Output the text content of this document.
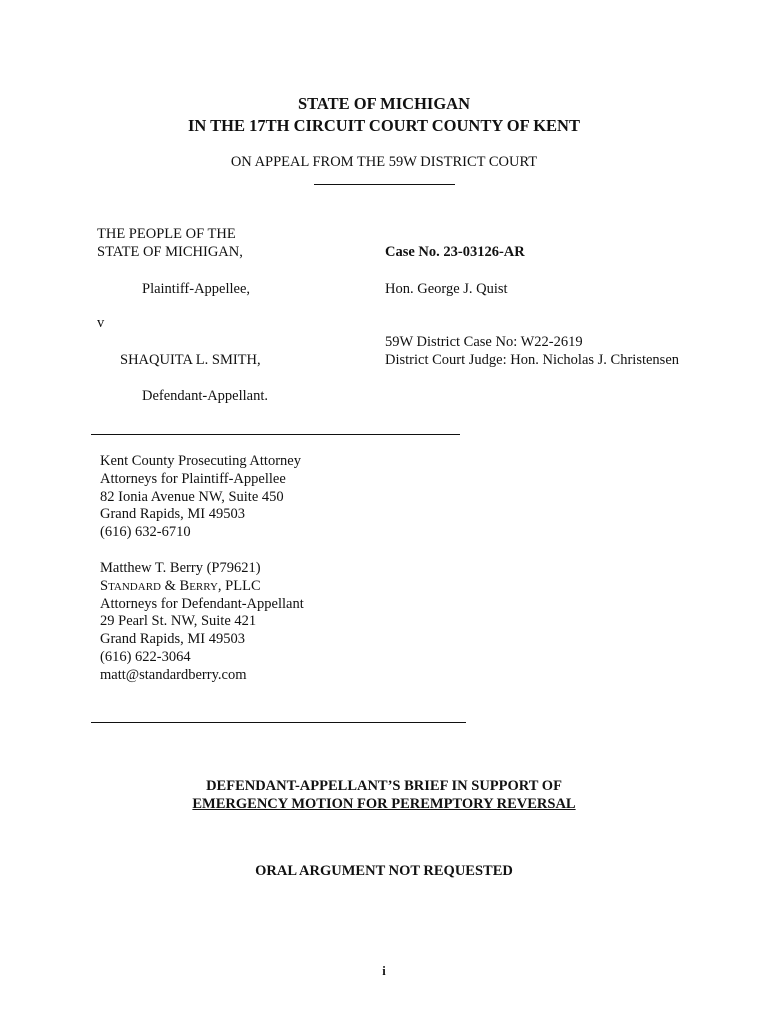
STATE OF MICHIGAN
IN THE 17TH CIRCUIT COURT COUNTY OF KENT
ON APPEAL FROM THE 59W DISTRICT COURT
THE PEOPLE OF THE
STATE OF MICHIGAN,
Plaintiff-Appellee,
v
SHAQUITA L. SMITH,
Defendant-Appellant.
Case No. 23-03126-AR
Hon. George J. Quist
59W District Case No: W22-2619
District Court Judge: Hon. Nicholas J. Christensen
Kent County Prosecuting Attorney
Attorneys for Plaintiff-Appellee
82 Ionia Avenue NW, Suite 450
Grand Rapids, MI 49503
(616) 632-6710
Matthew T. Berry (P79621)
STANDARD & BERRY, PLLC
Attorneys for Defendant-Appellant
29 Pearl St. NW, Suite 421
Grand Rapids, MI 49503
(616) 622-3064
matt@standardberry.com
DEFENDANT-APPELLANT’S BRIEF IN SUPPORT OF
EMERGENCY MOTION FOR PEREMPTORY REVERSAL
ORAL ARGUMENT NOT REQUESTED
i
